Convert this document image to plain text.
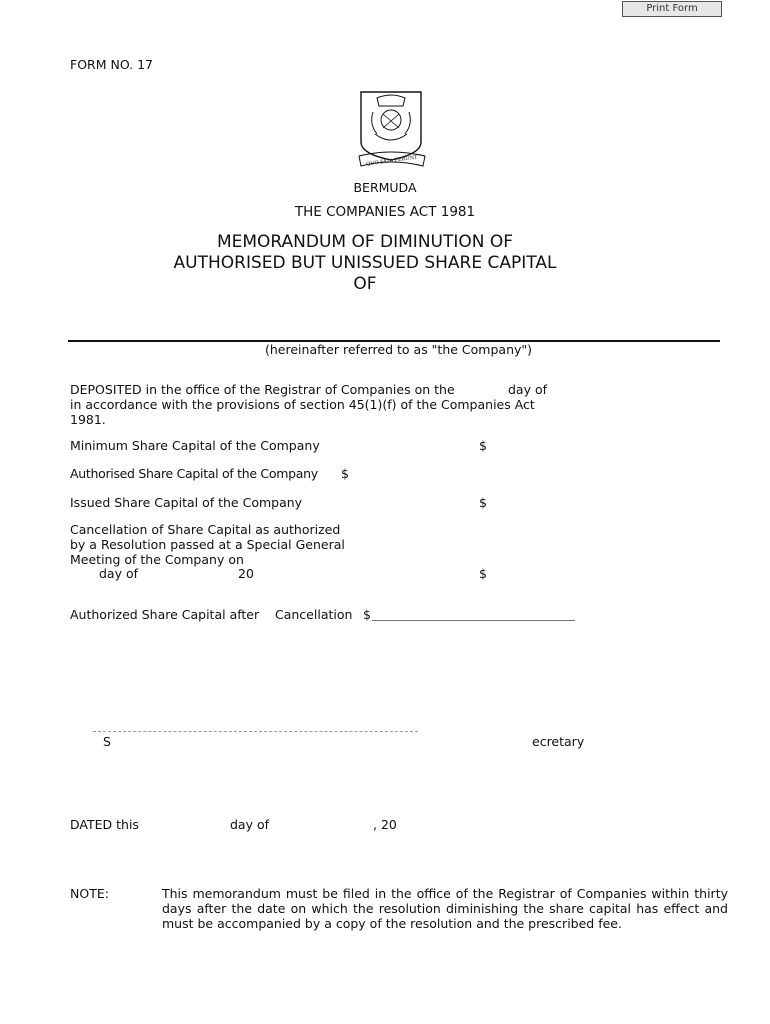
Print Form
FORM NO. 17
QUO FATA FERUNT
BERMUDA
THE COMPANIES ACT 1981
MEMORANDUM OF DIMINUTION OF
AUTHORISED BUT UNISSUED SHARE CAPITAL
OF
(hereinafter referred to as "the Company")
DEPOSITED in the office of the Registrar of Companies on the	day of
in accordance with the provisions of section 45(1)(f) of the Companies Act
1981.
Minimum Share Capital of the Company	$
Authorised Share Capital of the Company $
Issued Share Capital of the Company	$
Cancellation of Share Capital as authorized
by a Resolution passed at a Special General
Meeting of the Company on
day of	20	$
Authorized Share Capital after Cancellation $
S	ecretary
DATED this	day of	, 20
NOTE:	This memorandum must be filed in the office of the Registrar of Companies within thirty days after the date on which the resolution diminishing the share capital has effect and must be accompanied by a copy of the resolution and the prescribed fee.
